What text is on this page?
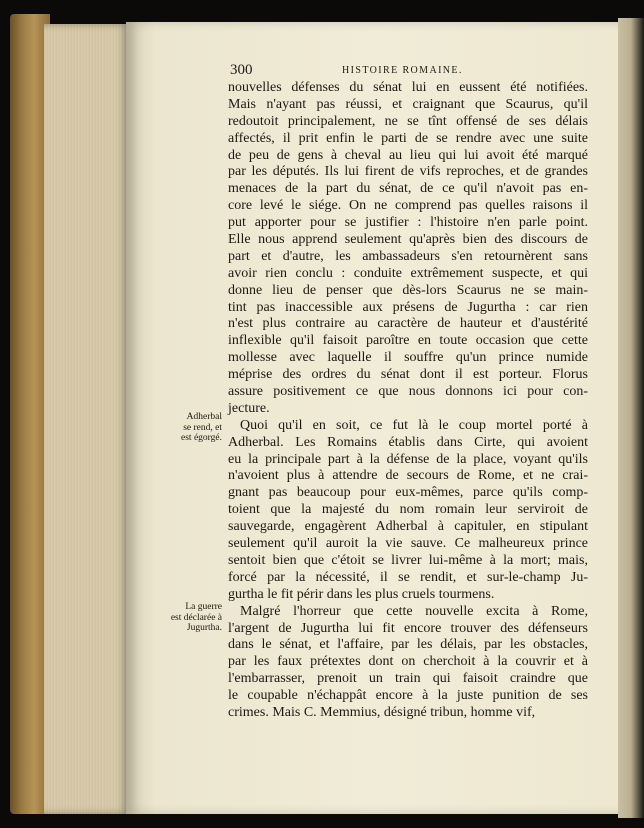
300	HISTOIRE ROMAINE.
Adherbal
se rend, et
est égorgé.
La guerre
est déclarée à
Jugurtha.
nouvelles défenses du sénat lui en eussent été notifiées.
Mais n'ayant pas réussi, et craignant que Scaurus, qu'il
redoutoit principalement, ne se tînt offensé de ses délais
affectés, il prit enfin le parti de se rendre avec une suite
de peu de gens à cheval au lieu qui lui avoit été marqué
par les députés. Ils lui firent de vifs reproches, et de grandes
menaces de la part du sénat, de ce qu'il n'avoit pas en-
core levé le siége. On ne comprend pas quelles raisons il
put apporter pour se justifier : l'histoire n'en parle point.
Elle nous apprend seulement qu'après bien des discours de
part et d'autre, les ambassadeurs s'en retournèrent sans
avoir rien conclu : conduite extrêmement suspecte, et qui
donne lieu de penser que dès-lors Scaurus ne se main-
tint pas inaccessible aux présens de Jugurtha : car rien
n'est plus contraire au caractère de hauteur et d'austérité
inflexible qu'il faisoit paroître en toute occasion que cette
mollesse avec laquelle il souffre qu'un prince numide
méprise des ordres du sénat dont il est porteur. Florus
assure positivement ce que nous donnons ici pour con-
jecture.
Quoi qu'il en soit, ce fut là le coup mortel porté à
Adherbal. Les Romains établis dans Cirte, qui avoient
eu la principale part à la défense de la place, voyant qu'ils
n'avoient plus à attendre de secours de Rome, et ne crai-
gnant pas beaucoup pour eux-mêmes, parce qu'ils comp-
toient que la majesté du nom romain leur serviroit de
sauvegarde, engagèrent Adherbal à capituler, en stipulant
seulement qu'il auroit la vie sauve. Ce malheureux prince
sentoit bien que c'étoit se livrer lui-même à la mort; mais,
forcé par la nécessité, il se rendit, et sur-le-champ Ju-
gurtha le fit périr dans les plus cruels tourmens.
Malgré l'horreur que cette nouvelle excita à Rome,
l'argent de Jugurtha lui fit encore trouver des défenseurs
dans le sénat, et l'affaire, par les délais, par les obstacles,
par les faux prétextes dont on cherchoit à la couvrir et à
l'embarrasser, prenoit un train qui faisoit craindre que
le coupable n'échappât encore à la juste punition de ses
crimes. Mais C. Memmius, désigné tribun, homme vif,
